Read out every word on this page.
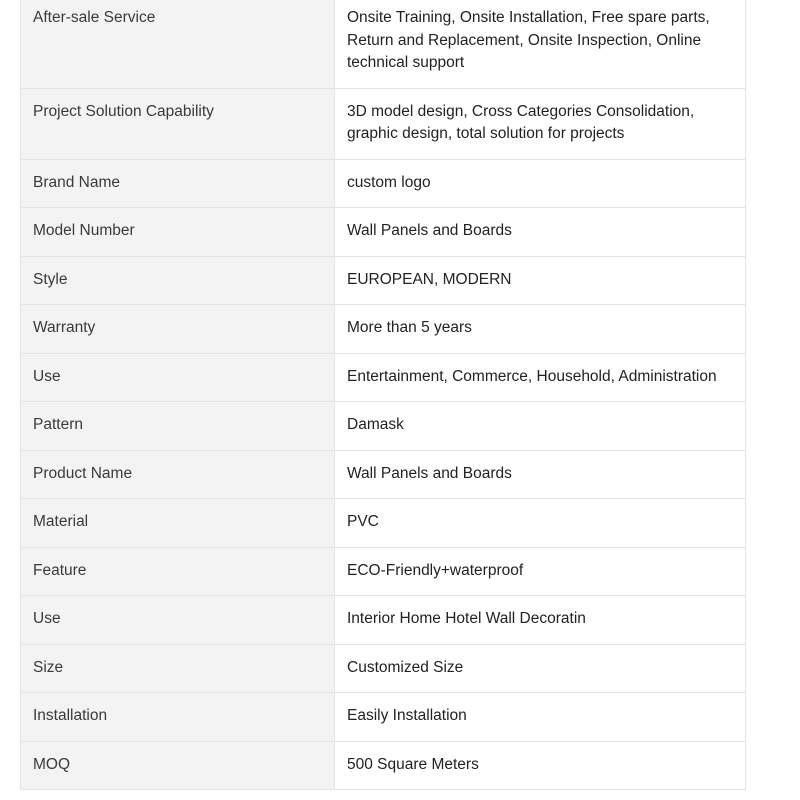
After-sale Service	Onsite Training, Onsite Installation, Free spare parts, Return and Replacement, Onsite Inspection, Online technical support
Project Solution Capability	3D model design, Cross Categories Consolidation, graphic design, total solution for projects
Brand Name	custom logo
Model Number	Wall Panels and Boards
Style	EUROPEAN, MODERN
Warranty	More than 5 years
Use	Entertainment, Commerce, Household, Administration
Pattern	Damask
Product Name	Wall Panels and Boards
Material	PVC
Feature	ECO-Friendly+waterproof
Use	Interior Home Hotel Wall Decoratin
Size	Customized Size
Installation	Easily Installation
MOQ	500 Square Meters
